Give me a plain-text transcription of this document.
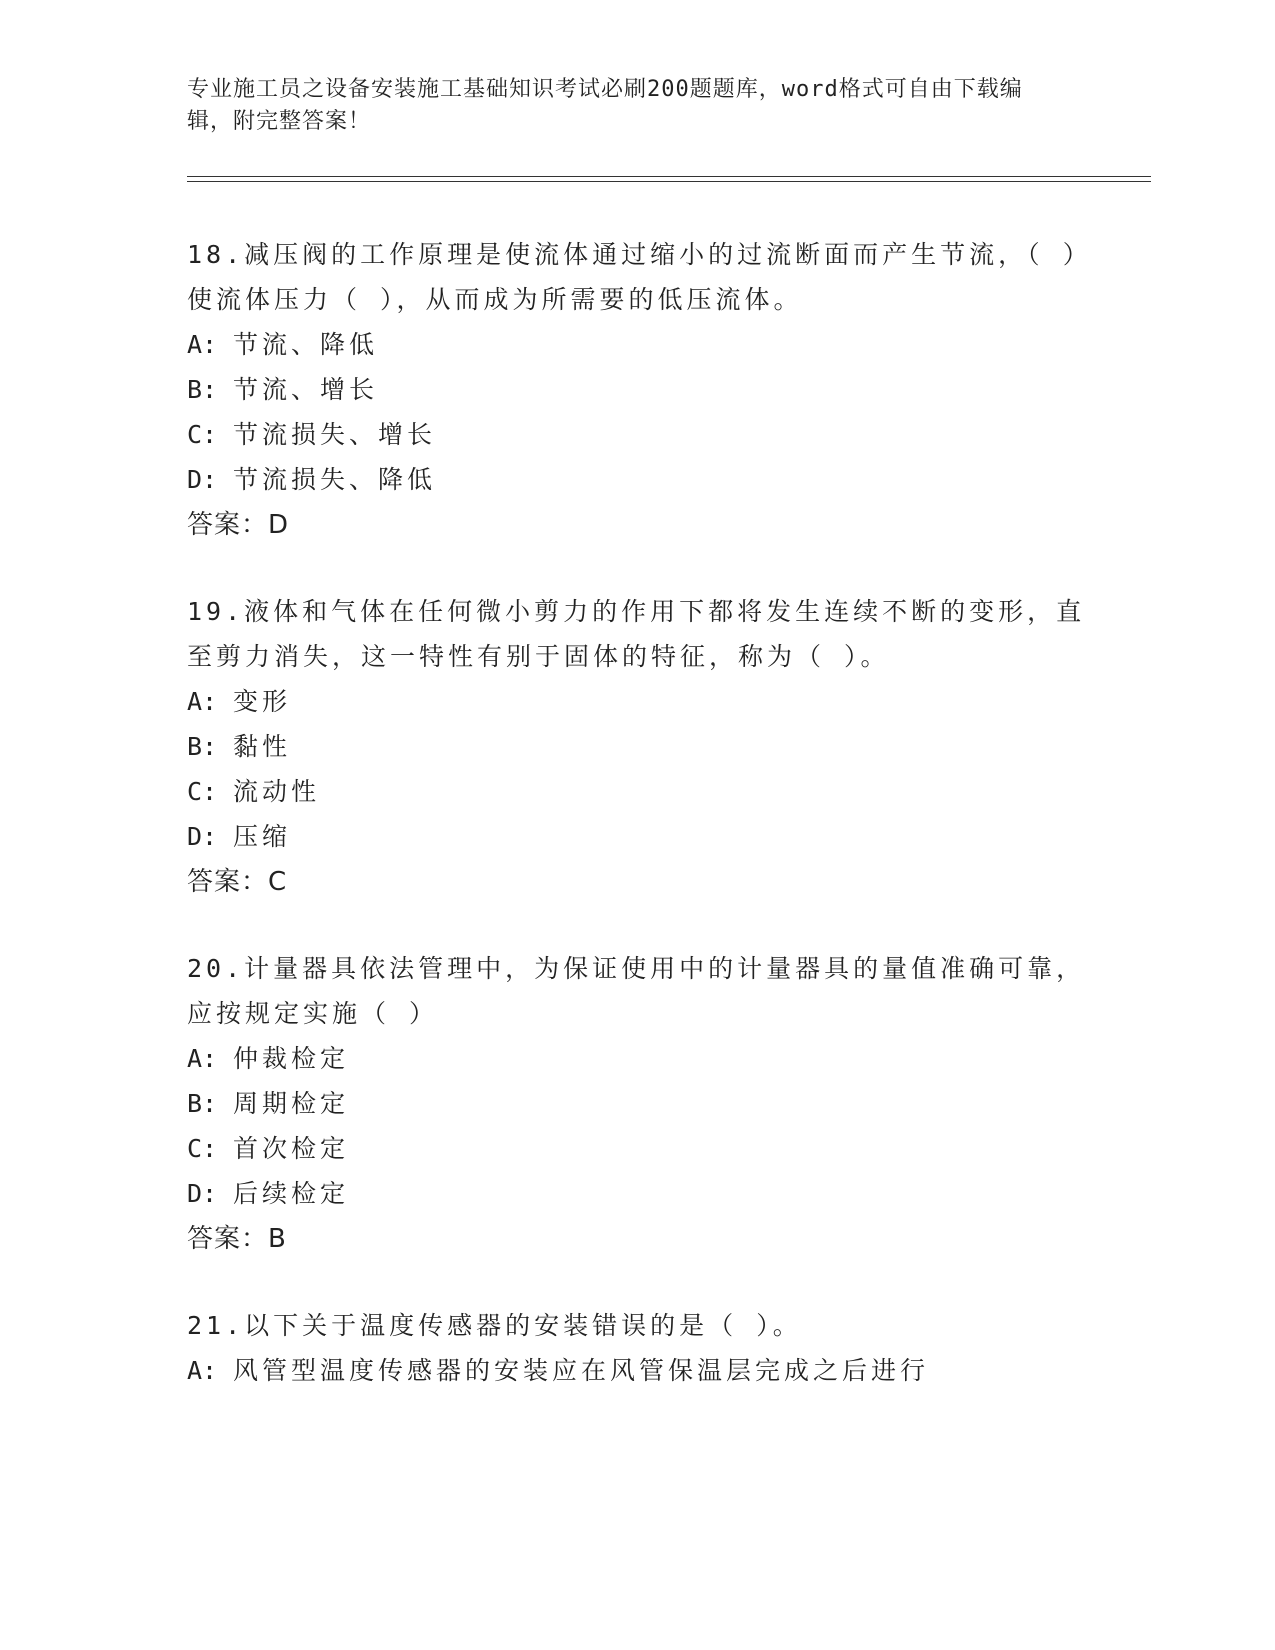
专业施工员之设备安装施工基础知识考试必刷200题题库，word格式可自由下载编辑，附完整答案！

18.减压阀的工作原理是使流体通过缩小的过流断面而产生节流，（ ）使流体压力（ ），从而成为所需要的低压流体。

A: 节流、降低
B: 节流、增长
C: 节流损失、增长
D: 节流损失、降低
答案：D

19.液体和气体在任何微小剪力的作用下都将发生连续不断的变形，直至剪力消失，这一特性有别于固体的特征，称为（ ）。

A: 变形
B: 黏性
C: 流动性
D: 压缩
答案：C

20.计量器具依法管理中，为保证使用中的计量器具的量值准确可靠，应按规定实施（ ）

A: 仲裁检定
B: 周期检定
C: 首次检定
D: 后续检定
答案：B

21.以下关于温度传感器的安装错误的是（ ）。

A: 风管型温度传感器的安装应在风管保温层完成之后进行
